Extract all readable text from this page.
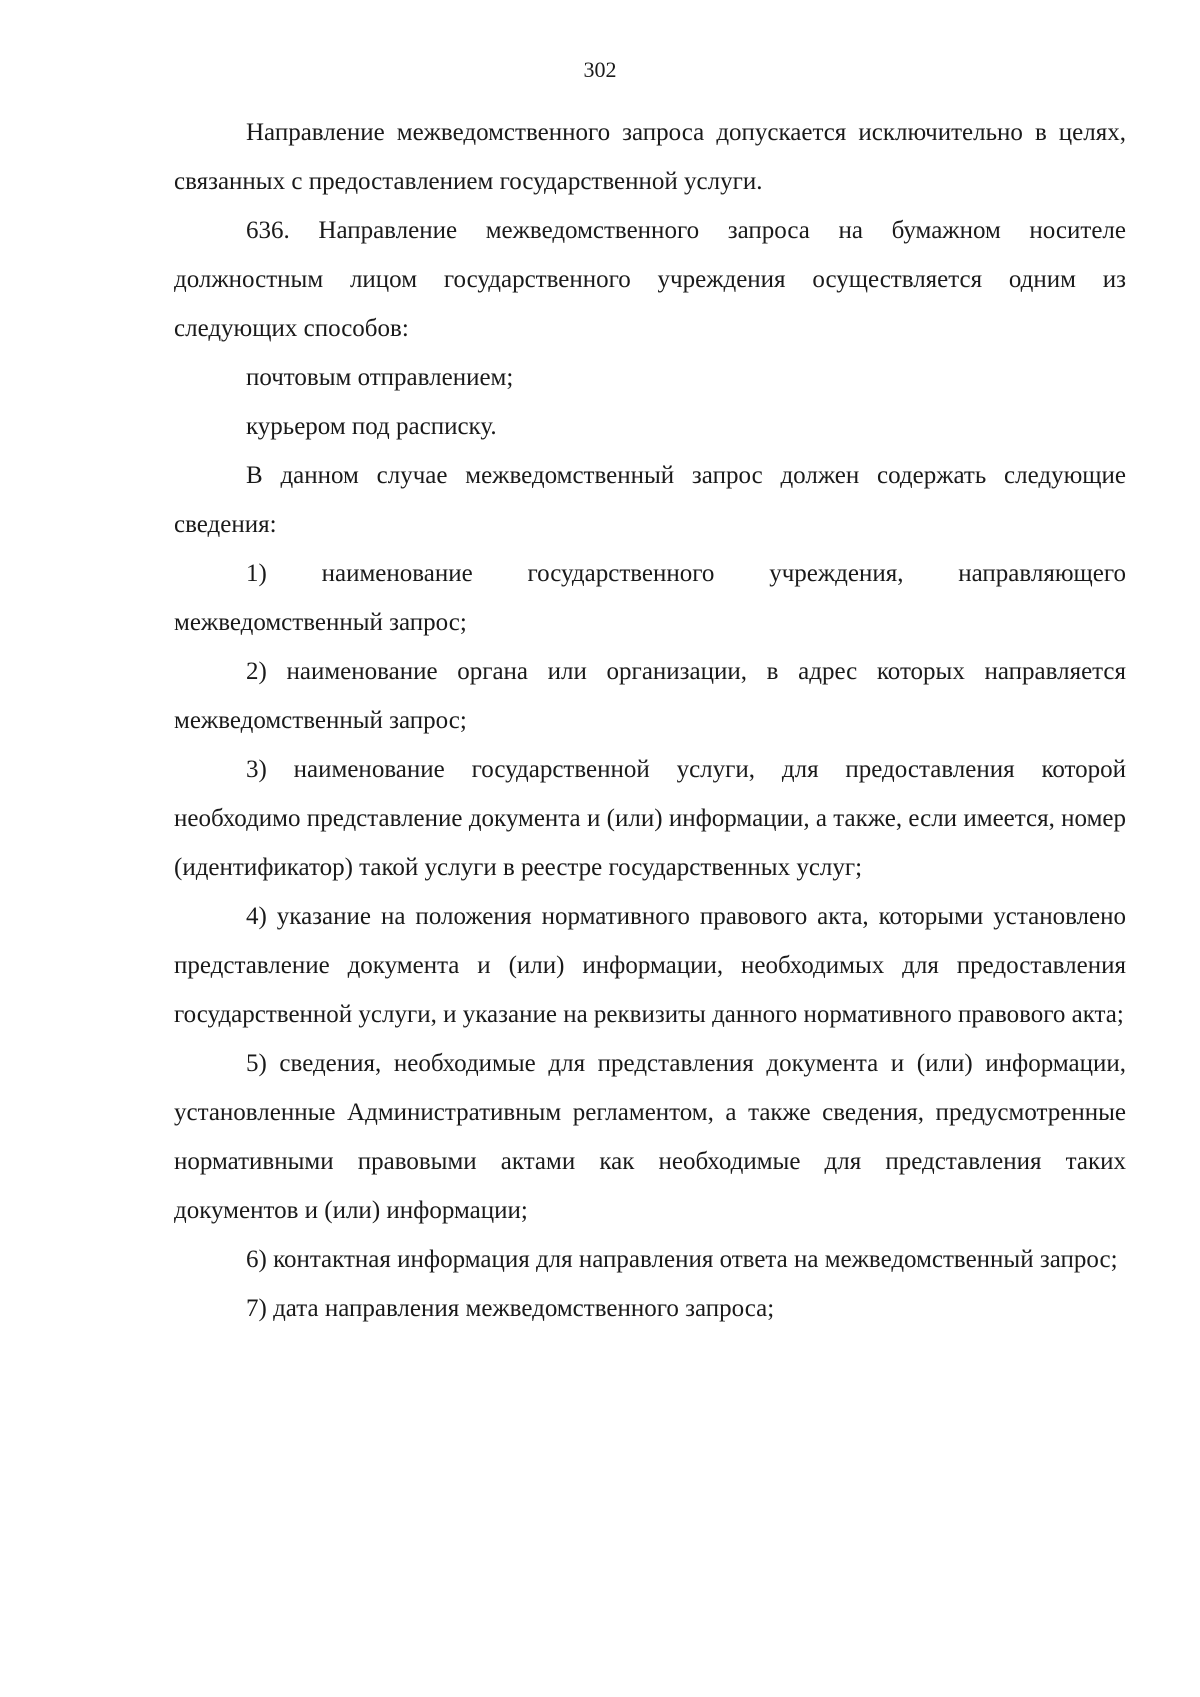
302

Направление межведомственного запроса допускается исключительно в целях, связанных с предоставлением государственной услуги.

636. Направление межведомственного запроса на бумажном носителе должностным лицом государственного учреждения осуществляется одним из следующих способов:

почтовым отправлением;

курьером под расписку.

В данном случае межведомственный запрос должен содержать следующие сведения:

1) наименование государственного учреждения, направляющего межведомственный запрос;

2) наименование органа или организации, в адрес которых направляется межведомственный запрос;

3) наименование государственной услуги, для предоставления которой необходимо представление документа и (или) информации, а также, если имеется, номер (идентификатор) такой услуги в реестре государственных услуг;

4) указание на положения нормативного правового акта, которыми установлено представление документа и (или) информации, необходимых для предоставления государственной услуги, и указание на реквизиты данного нормативного правового акта;

5) сведения, необходимые для представления документа и (или) информации, установленные Административным регламентом, а также сведения, предусмотренные нормативными правовыми актами как необходимые для представления таких документов и (или) информации;

6) контактная информация для направления ответа на межведомственный запрос;

7) дата направления межведомственного запроса;
